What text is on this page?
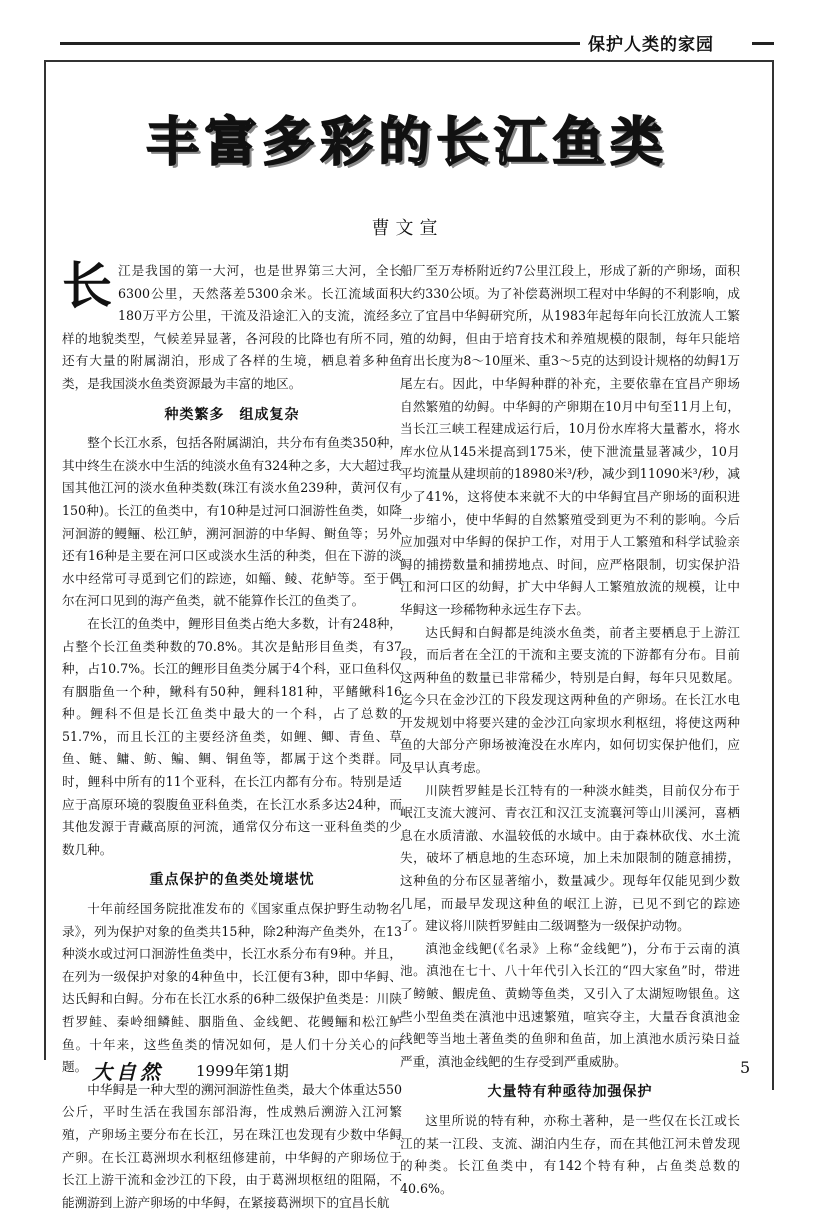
保护人类的家园
丰富多彩的长江鱼类
曹文宣

长江是我国的第一大河，也是世界第三大河，全长6300公里，天然落差5300余米。长江流域面积180万平方公里，干流及沿途汇入的支流，流经多样的地貌类型，气候差异显著，各河段的比降也有所不同，还有大量的附属湖泊，形成了各样的生境，栖息着多种鱼类，是我国淡水鱼类资源最为丰富的地区。

种类繁多　组成复杂

整个长江水系，包括各附属湖泊，共分布有鱼类350种，其中终生在淡水中生活的纯淡水鱼有324种之多，大大超过我国其他江河的淡水鱼种类数(珠江有淡水鱼239种，黄河仅有150种)。长江的鱼类中，有10种是过河口洄游性鱼类，如降河洄游的鳗鲡、松江鲈，溯河洄游的中华鲟、鲥鱼等；另外还有16种是主要在河口区或淡水生活的种类，但在下游的淡水中经常可寻觅到它们的踪迹，如鲻、鲮、花鲈等。至于偶尔在河口见到的海产鱼类，就不能算作长江的鱼类了。

在长江的鱼类中，鲤形目鱼类占绝大多数，计有248种，占整个长江鱼类种数的70.8%。其次是鲇形目鱼类，有37种，占10.7%。长江的鲤形目鱼类分属于4个科，亚口鱼科仅有胭脂鱼一个种，鳅科有50种，鲤科181种，平鳍鳅科16种。鲤科不但是长江鱼类中最大的一个科，占了总数的51.7%，而且长江的主要经济鱼类，如鲤、鲫、青鱼、草鱼、鲢、鳙、鲂、鳊、鲷、铜鱼等，都属于这个类群。同时，鲤科中所有的11个亚科，在长江内都有分布。特别是适应于高原环境的裂腹鱼亚科鱼类，在长江水系多达24种，而其他发源于青藏高原的河流，通常仅分布这一亚科鱼类的少数几种。

重点保护的鱼类处境堪忧

十年前经国务院批准发布的《国家重点保护野生动物名录》，列为保护对象的鱼类共15种，除2种海产鱼类外，在13种淡水或过河口洄游性鱼类中，长江水系分布有9种。并且，在列为一级保护对象的4种鱼中，长江便有3种，即中华鲟、达氏鲟和白鲟。分布在长江水系的6种二级保护鱼类是：川陕哲罗鲑、秦岭细鳞鲑、胭脂鱼、金线鲃、花鳗鲡和松江鲈鱼。十年来，这些鱼类的情况如何，是人们十分关心的问题。

中华鲟是一种大型的溯河洄游性鱼类，最大个体重达550公斤，平时生活在我国东部沿海，性成熟后溯游入江河繁殖，产卵场主要分布在长江，另在珠江也发现有少数中华鲟产卵。在长江葛洲坝水利枢纽修建前，中华鲟的产卵场位于长江上游干流和金沙江的下段，由于葛洲坝枢纽的阻隔，不能溯游到上游产卵场的中华鲟，在紧接葛洲坝下的宜昌长航

船厂至万寿桥附近约7公里江段上，形成了新的产卵场，面积大约330公顷。为了补偿葛洲坝工程对中华鲟的不利影响，成立了宜昌中华鲟研究所，从1983年起每年向长江放流人工繁殖的幼鲟，但由于培育技术和养殖规模的限制，每年只能培育出长度为8～10厘米、重3～5克的达到设计规格的幼鲟1万尾左右。因此，中华鲟种群的补充，主要依靠在宜昌产卵场自然繁殖的幼鲟。中华鲟的产卵期在10月中旬至11月上旬，当长江三峡工程建成运行后，10月份水库将大量蓄水，将水库水位从145米提高到175米，使下泄流量显著减少，10月平均流量从建坝前的18980米³/秒，减少到11090米³/秒，减少了41%，这将使本来就不大的中华鲟宜昌产卵场的面积进一步缩小，使中华鲟的自然繁殖受到更为不利的影响。今后应加强对中华鲟的保护工作，对用于人工繁殖和科学试验亲鲟的捕捞数量和捕捞地点、时间，应严格限制，切实保护沿江和河口区的幼鲟，扩大中华鲟人工繁殖放流的规模，让中华鲟这一珍稀物种永远生存下去。

达氏鲟和白鲟都是纯淡水鱼类，前者主要栖息于上游江段，而后者在全江的干流和主要支流的下游都有分布。目前这两种鱼的数量已非常稀少，特别是白鲟，每年只见数尾。迄今只在金沙江的下段发现这两种鱼的产卵场。在长江水电开发规划中将要兴建的金沙江向家坝水利枢纽，将使这两种鱼的大部分产卵场被淹没在水库内，如何切实保护他们，应及早认真考虑。

川陕哲罗鲑是长江特有的一种淡水鲑类，目前仅分布于岷江支流大渡河、青衣江和汉江支流襄河等山川溪河，喜栖息在水质清澈、水温较低的水域中。由于森林砍伐、水土流失，破坏了栖息地的生态环境，加上未加限制的随意捕捞，这种鱼的分布区显著缩小，数量减少。现每年仅能见到少数几尾，而最早发现这种鱼的岷江上游，已见不到它的踪迹了。建议将川陕哲罗鲑由二级调整为一级保护动物。

滇池金线鲃(《名录》上称“金线鲃”)，分布于云南的滇池。滇池在七十、八十年代引入长江的“四大家鱼”时，带进了鳑鲏、鰕虎鱼、黄蚴等鱼类，又引入了太湖短吻银鱼。这些小型鱼类在滇池中迅速繁殖，喧宾夺主，大量吞食滇池金线鲃等当地土著鱼类的鱼卵和鱼苗，加上滇池水质污染日益严重，滇池金线鲃的生存受到严重威胁。

大量特有种亟待加强保护

这里所说的特有种，亦称土著种，是一些仅在长江或长江的某一江段、支流、湖泊内生存，而在其他江河未曾发现的种类。长江鱼类中，有142个特有种，占鱼类总数的40.6%。

大自然 1999年第1期	5
